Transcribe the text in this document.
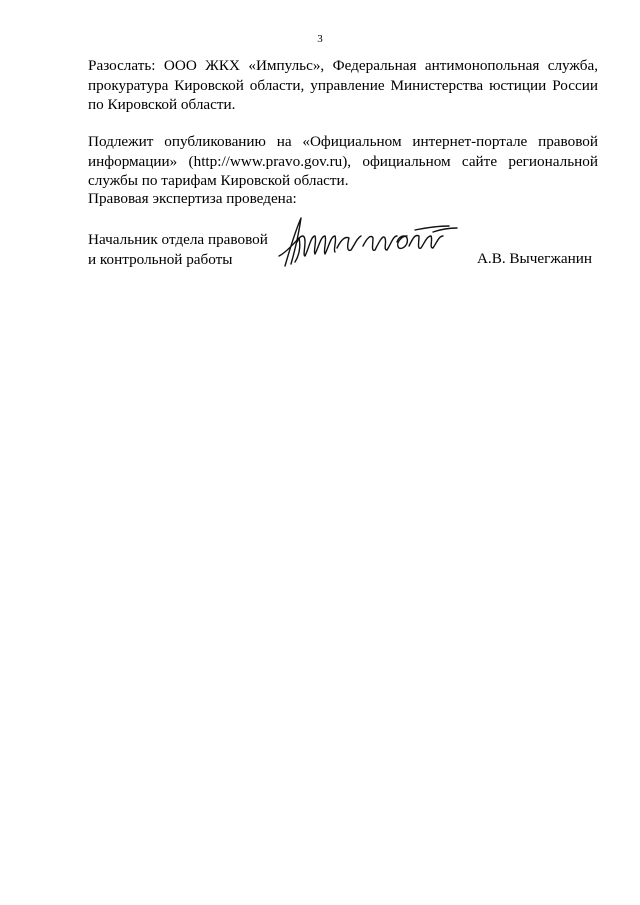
3
Разослать: ООО ЖКХ «Импульс», Федеральная антимонопольная служба,
прокуратура Кировской области, управление Министерства юстиции России
по Кировской области.
Подлежит опубликованию на «Официальном интернет-портале правовой
информации» (http://www.pravo.gov.ru), официальном сайте региональной
службы по тарифам Кировской области.
Правовая экспертиза проведена:
Начальник отдела правовой
и контрольной работы	А.В. Вычегжанин
